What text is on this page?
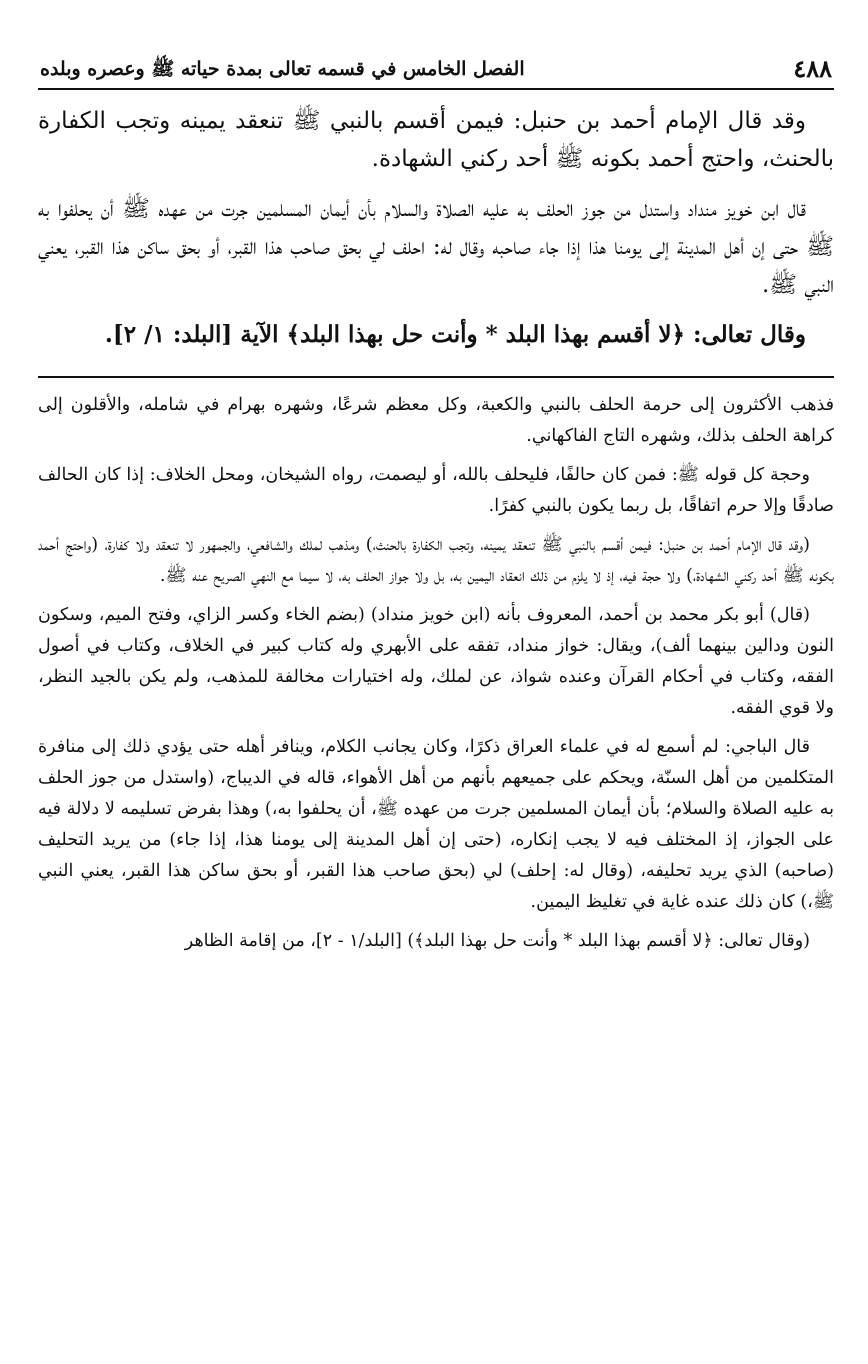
٤٨٨
الفصل الخامس في قسمه تعالى بمدة حياته ﷺ وعصره وبلده

وقد قال الإمام أحمد بن حنبل: فيمن أقسم بالنبي ﷺ تنعقد يمينه وتجب الكفارة بالحنث، واحتج أحمد بكونه ﷺ أحد ركني الشهادة.

قال ابن خويز منداد واستدل من جوز الحلف به عليه الصلاة والسلام بأن أيمان المسلمين جرت من عهده ﷺ أن يحلفوا به ﷺ حتى إن أهل المدينة إلى يومنا هذا إذا جاء صاحبه وقال له: احلف لي بحق صاحب هذا القبر، أو بحق ساكن هذا القبر، يعني النبي ﷺ.

وقال تعالى: ﴿لا أقسم بهذا البلد * وأنت حل بهذا البلد﴾ الآية [البلد: ١/ ٢].

فذهب الأكثرون إلى حرمة الحلف بالنبي والكعبة، وكل معظم شرعًا، وشهره بهرام في شامله، والأقلون إلى كراهة الحلف بذلك، وشهره التاج الفاكهاني.

وحجة كل قوله ﷺ: فمن كان حالفًا، فليحلف بالله، أو ليصمت، رواه الشيخان، ومحل الخلاف: إذا كان الحالف صادقًا وإلا حرم اتفاقًا، بل ربما يكون بالنبي كفرًا.

(وقد قال الإمام أحمد بن حنبل: فيمن أقسم بالنبي ﷺ تنعقد يمينه، وتجب الكفارة بالحنث،) ومذهب لملك والشافعي، والجمهور لا تنعقد ولا كفارة، (واحتج أحمد بكونه ﷺ أحد ركني الشهادة،) ولا حجة فيه، إذ لا يلزم من ذلك انعقاد اليمين به، بل ولا جواز الحلف به، لا سيما مع النهي الصريح عنه ﷺ.

(قال) أبو بكر محمد بن أحمد، المعروف بأنه (ابن خويز منداد) (بضم الخاء وكسر الزاي، وفتح الميم، وسكون النون ودالين بينهما ألف)، ويقال: خواز منداد، تفقه على الأبهري وله كتاب كبير في الخلاف، وكتاب في أصول الفقه، وكتاب في أحكام القرآن وعنده شواذ، عن لملك، وله اختيارات مخالفة للمذهب، ولم يكن بالجيد النظر، ولا قوي الفقه.

قال الباجي: لم أسمع له في علماء العراق ذكرًا، وكان يجانب الكلام، وينافر أهله حتى يؤدي ذلك إلى منافرة المتكلمين من أهل السنّة، ويحكم على جميعهم بأنهم من أهل الأهواء، قاله في الديباج، (واستدل من جوز الحلف به عليه الصلاة والسلام؛ بأن أيمان المسلمين جرت من عهده ﷺ، أن يحلفوا به،) وهذا بفرض تسليمه لا دلالة فيه على الجواز، إذ المختلف فيه لا يجب إنكاره، (حتى إن أهل المدينة إلى يومنا هذا، إذا جاء) من يريد التحليف (صاحبه) الذي يريد تحليفه، (وقال له: إحلف) لي (بحق صاحب هذا القبر، أو بحق ساكن هذا القبر، يعني النبي ﷺ،) كان ذلك عنده غاية في تغليظ اليمين.

(وقال تعالى: ﴿لا أقسم بهذا البلد * وأنت حل بهذا البلد﴾) [البلد/١ - ٢]، من إقامة الظاهر
